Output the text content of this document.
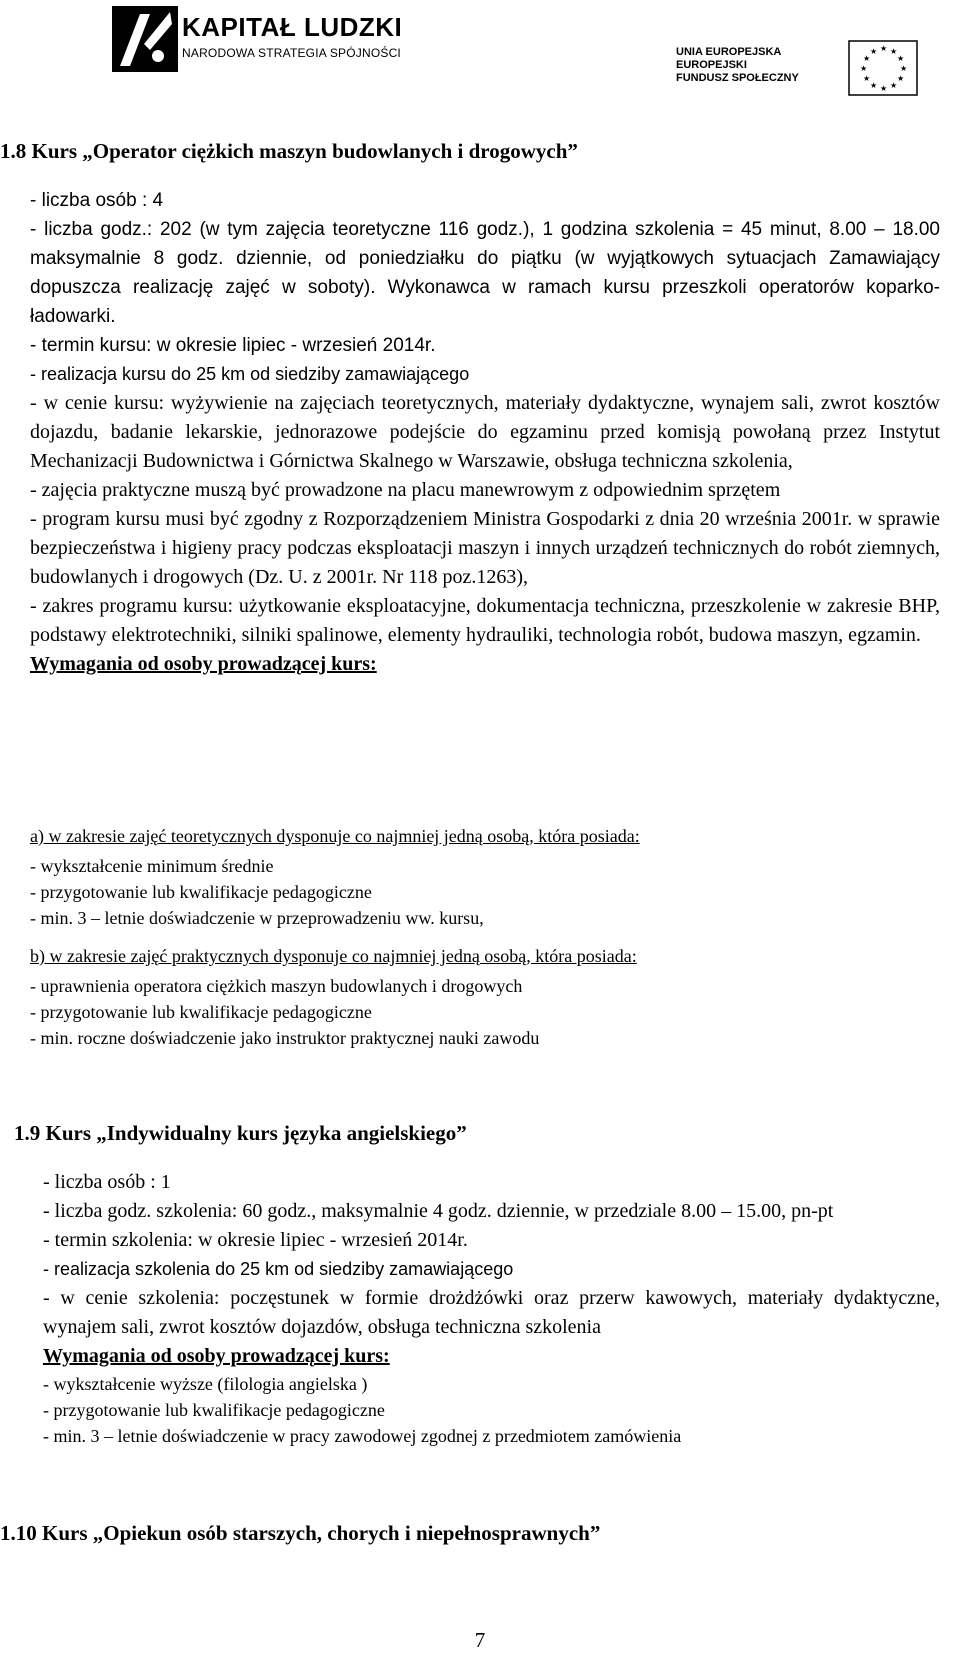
KAPITAŁ LUDZKI
NARODOWA STRATEGIA SPÓJNOŚCI	UNIA EUROPEJSKA
EUROPEJSKI
FUNDUSZ SPOŁECZNY
★ ★
★
★
★
★
★
★
★
★
★
★
1.8 Kurs „Operator ciężkich maszyn budowlanych i drogowych”

- liczba osób : 4

- liczba godz.: 202 (w tym zajęcia teoretyczne 116 godz.), 1 godzina szkolenia = 45 minut, 8.00 – 18.00 maksymalnie 8 godz. dziennie, od poniedziałku do piątku (w wyjątkowych sytuacjach Zamawiający dopuszcza realizację zajęć w soboty). Wykonawca w ramach kursu przeszkoli operatorów koparko-ładowarki.

- termin kursu: w okresie lipiec - wrzesień 2014r.

- realizacja kursu do 25 km od siedziby zamawiającego

- w cenie kursu: wyżywienie na zajęciach teoretycznych, materiały dydaktyczne, wynajem sali, zwrot kosztów dojazdu, badanie lekarskie, jednorazowe podejście do egzaminu przed komisją powołaną przez Instytut Mechanizacji Budownictwa i Górnictwa Skalnego w Warszawie, obsługa techniczna szkolenia,

- zajęcia praktyczne muszą być prowadzone na placu manewrowym z odpowiednim sprzętem

- program kursu musi być zgodny z Rozporządzeniem Ministra Gospodarki z dnia 20 września 2001r. w sprawie bezpieczeństwa i higieny pracy podczas eksploatacji maszyn i innych urządzeń technicznych do robót ziemnych, budowlanych i drogowych (Dz. U. z 2001r. Nr 118 poz.1263),

- zakres programu kursu: użytkowanie eksploatacyjne, dokumentacja techniczna, przeszkolenie w zakresie BHP, podstawy elektrotechniki, silniki spalinowe, elementy hydrauliki, technologia robót, budowa maszyn, egzamin.

Wymagania od osoby prowadzącej kurs:

a) w zakresie zajęć teoretycznych dysponuje co najmniej jedną osobą, która posiada:

- wykształcenie minimum średnie

- przygotowanie lub kwalifikacje pedagogiczne

- min. 3 – letnie doświadczenie w przeprowadzeniu ww. kursu,

b) w zakresie zajęć praktycznych dysponuje co najmniej jedną osobą, która posiada:

- uprawnienia operatora ciężkich maszyn budowlanych i drogowych

- przygotowanie lub kwalifikacje pedagogiczne

- min. roczne doświadczenie jako instruktor praktycznej nauki zawodu

1.9 Kurs „Indywidualny kurs języka angielskiego”

- liczba osób : 1

- liczba godz. szkolenia: 60 godz., maksymalnie 4 godz. dziennie, w przedziale 8.00 – 15.00, pn-pt

- termin szkolenia: w okresie lipiec - wrzesień 2014r.

- realizacja szkolenia do 25 km od siedziby zamawiającego

- w cenie szkolenia: poczęstunek w formie drożdżówki oraz przerw kawowych, materiały dydaktyczne, wynajem sali, zwrot kosztów dojazdów, obsługa techniczna szkolenia

Wymagania od osoby prowadzącej kurs:

- wykształcenie wyższe (filologia angielska )

- przygotowanie lub kwalifikacje pedagogiczne

- min. 3 – letnie doświadczenie w pracy zawodowej zgodnej z przedmiotem zamówienia

1.10 Kurs „Opiekun osób starszych, chorych i niepełnosprawnych”
7
